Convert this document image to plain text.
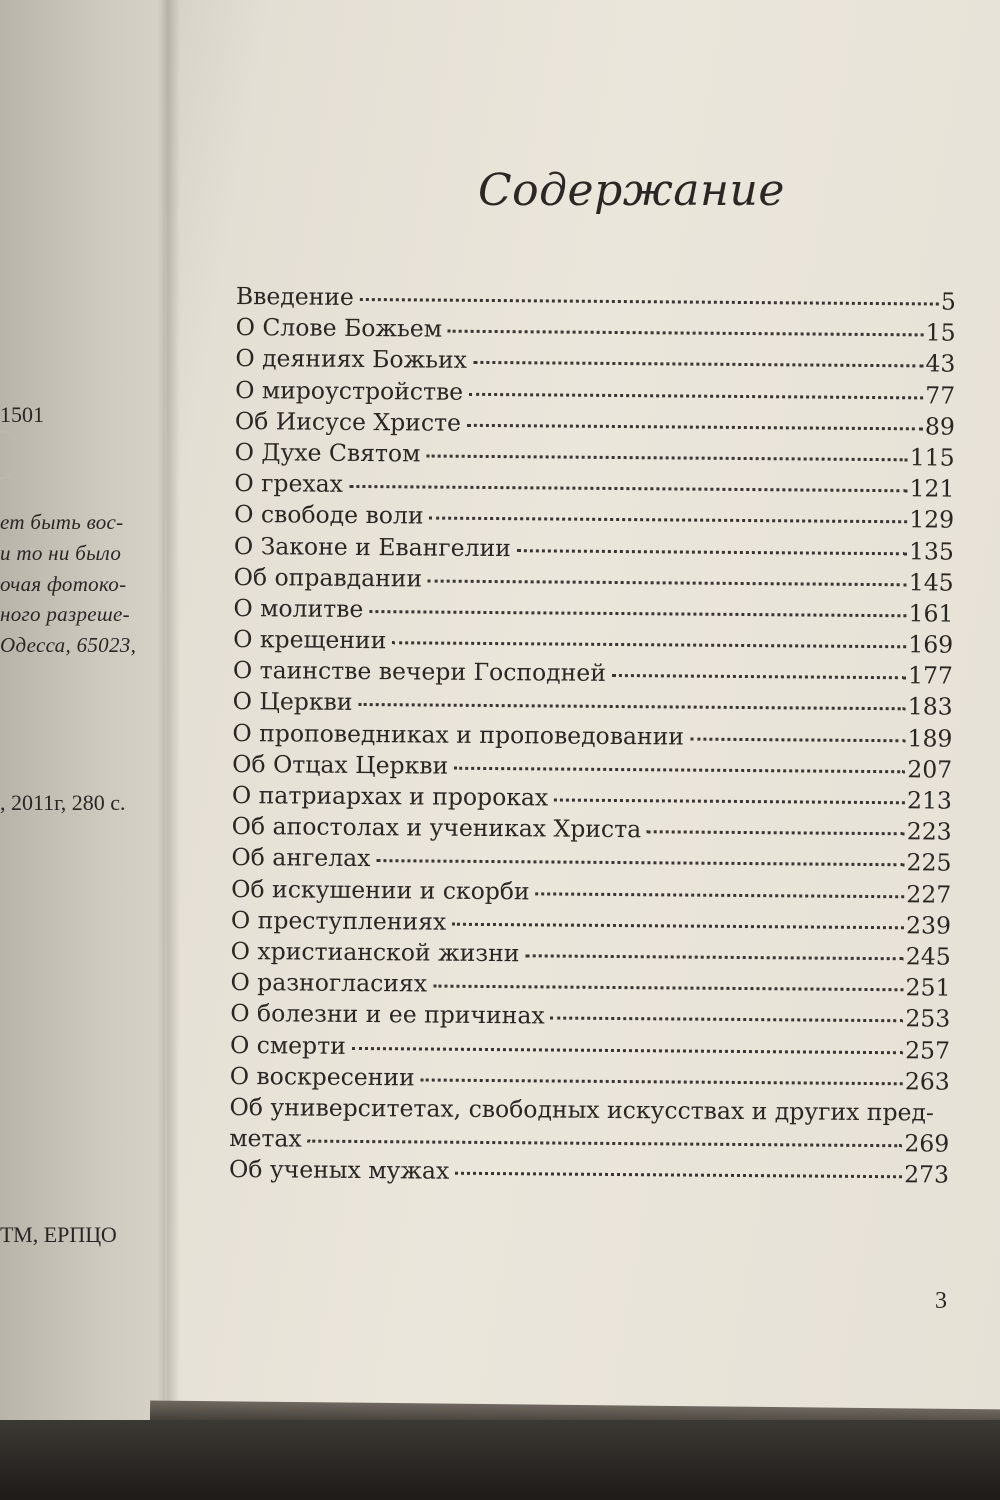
1501
ет быть вос-
и то ни было
очая фотоко-
ного разреше-
Одесса, 65023,
, 2011г, 280 с.
ТМ, ЕРПЦО
Содержание
Введение	5
О Слове Божьем	15
О деяниях Божьих	43
О мироустройстве	77
Об Иисусе Христе	89
О Духе Святом	115
О грехах	121
О свободе воли	129
О Законе и Евангелии	135
Об оправдании	145
О молитве	161
О крещении	169
О таинстве вечери Господней	177
О Церкви	183
О проповедниках и проповедовании	189
Об Отцах Церкви	207
О патриархах и пророках	213
Об апостолах и учениках Христа	223
Об ангелах	225
Об искушении и скорби	227
О преступлениях	239
О христианской жизни	245
О разногласиях	251
О болезни и ее причинах	253
О смерти	257
О воскресении	263
Об университетах, свободных искусствах и других пред-
метах	269
Об ученых мужах	273
3
